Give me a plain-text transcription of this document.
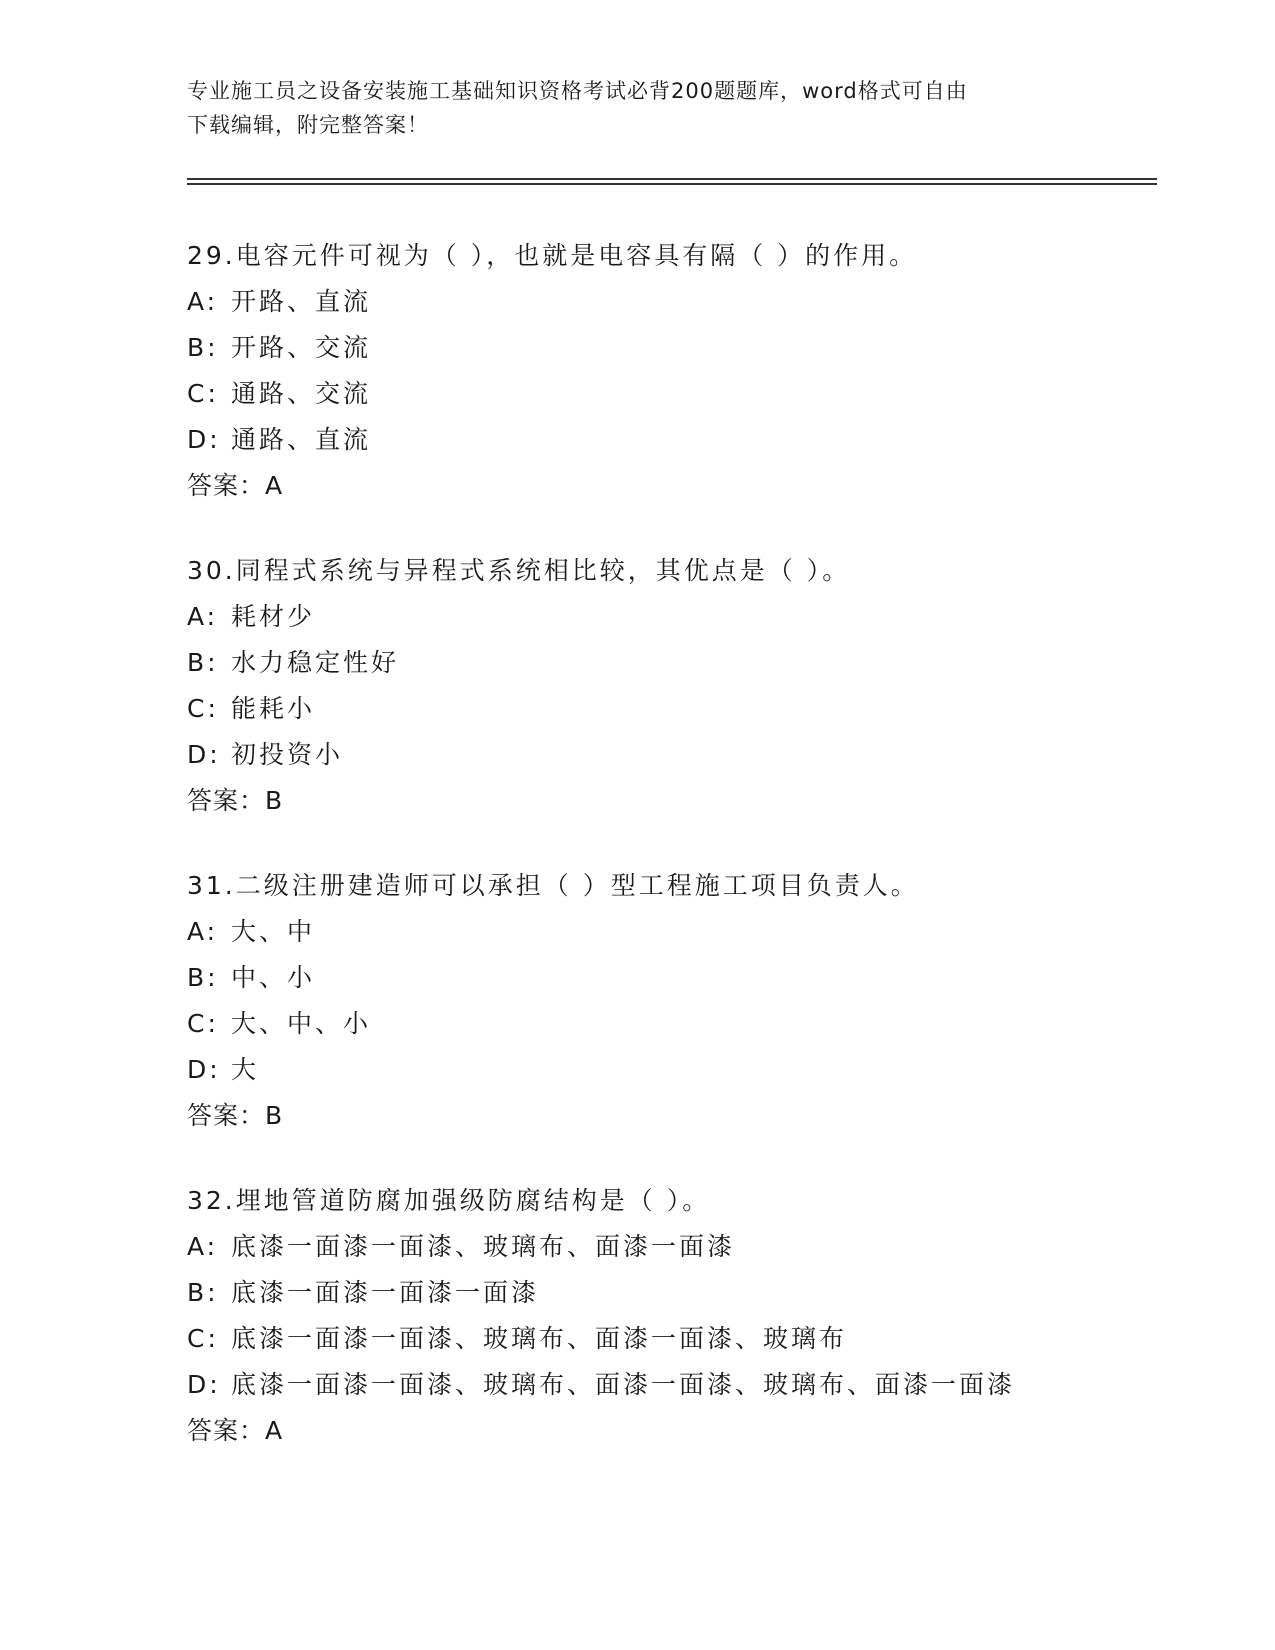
专业施工员之设备安装施工基础知识资格考试必背200题题库，word格式可自由
下载编辑，附完整答案！
29.电容元件可视为（ ），也就是电容具有隔（ ）的作用。
A: 开路、直流
B: 开路、交流
C: 通路、交流
D: 通路、直流
答案：A
30.同程式系统与异程式系统相比较，其优点是（ ）。
A: 耗材少
B: 水力稳定性好
C: 能耗小
D: 初投资小
答案：B
31.二级注册建造师可以承担（ ）型工程施工项目负责人。
A: 大、中
B: 中、小
C: 大、中、小
D: 大
答案：B
32.埋地管道防腐加强级防腐结构是（ ）。
A: 底漆一面漆一面漆、玻璃布、面漆一面漆
B: 底漆一面漆一面漆一面漆
C: 底漆一面漆一面漆、玻璃布、面漆一面漆、玻璃布
D: 底漆一面漆一面漆、玻璃布、面漆一面漆、玻璃布、面漆一面漆
答案：A
